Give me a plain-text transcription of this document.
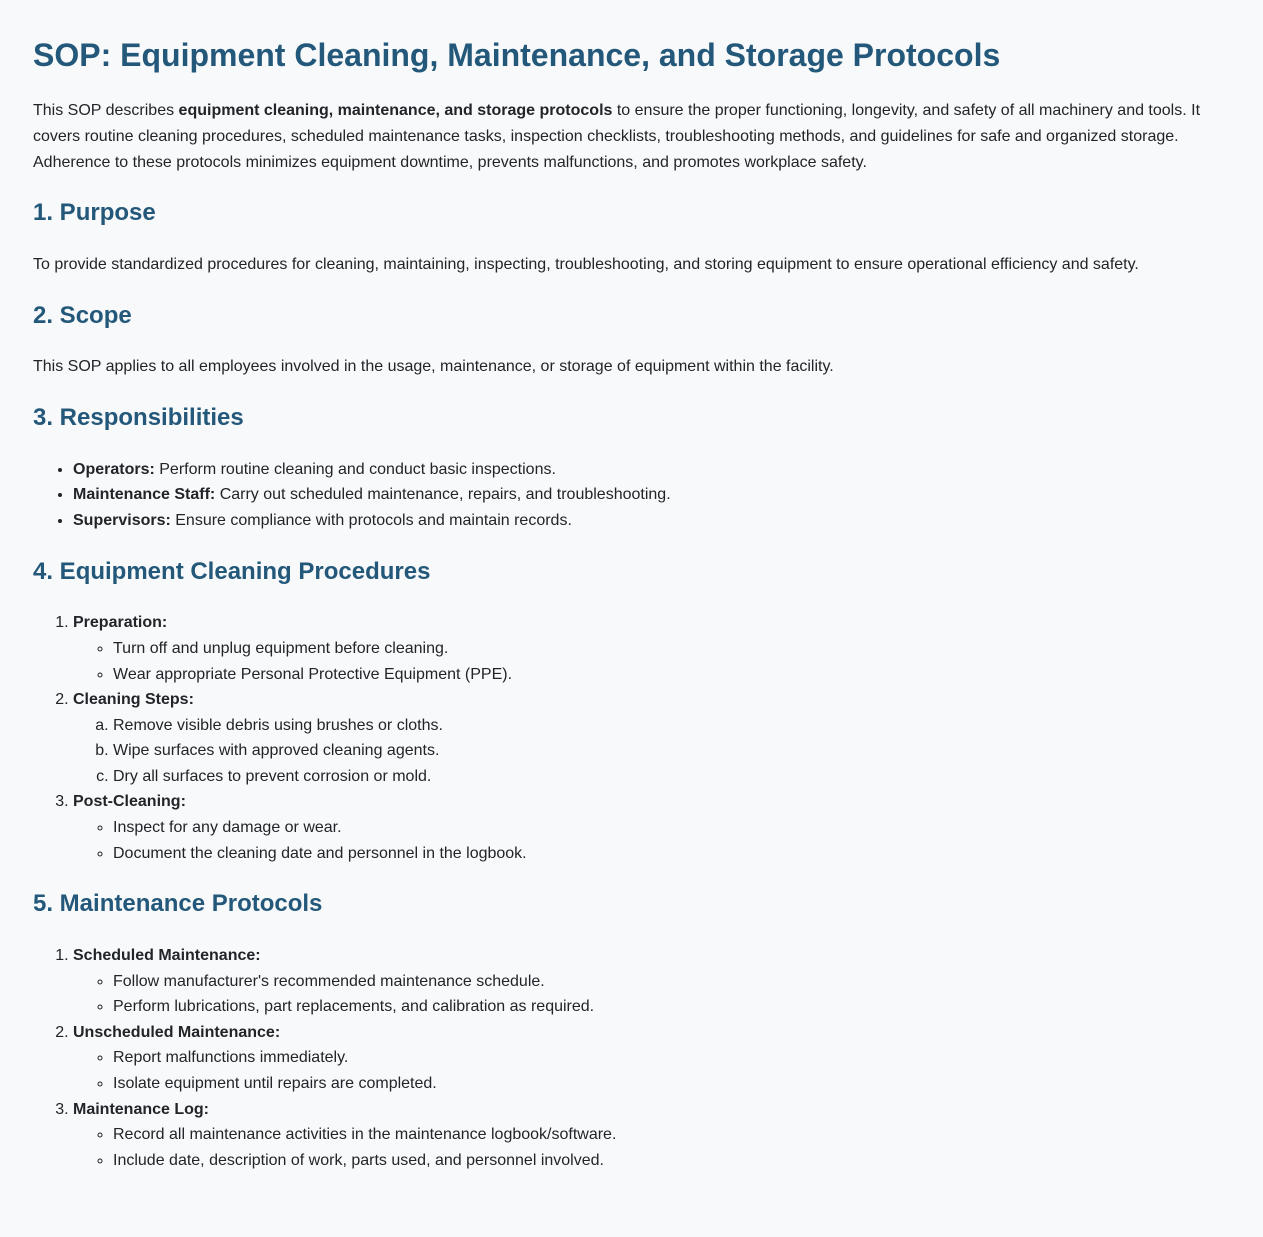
SOP: Equipment Cleaning, Maintenance, and Storage Protocols

This SOP describes equipment cleaning, maintenance, and storage protocols to ensure the proper functioning, longevity, and safety of all machinery and tools. It covers routine cleaning procedures, scheduled maintenance tasks, inspection checklists, troubleshooting methods, and guidelines for safe and organized storage. Adherence to these protocols minimizes equipment downtime, prevents malfunctions, and promotes workplace safety.

1. Purpose

To provide standardized procedures for cleaning, maintaining, inspecting, troubleshooting, and storing equipment to ensure operational efficiency and safety.

2. Scope

This SOP applies to all employees involved in the usage, maintenance, or storage of equipment within the facility.

3. Responsibilities
• Operators: Perform routine cleaning and conduct basic inspections.
• Maintenance Staff: Carry out scheduled maintenance, repairs, and troubleshooting.
• Supervisors: Ensure compliance with protocols and maintain records.
4. Equipment Cleaning Procedures
1. Preparation:
◦ Turn off and unplug equipment before cleaning.
◦ Wear appropriate Personal Protective Equipment (PPE).
2. Cleaning Steps:
a. Remove visible debris using brushes or cloths.
b. Wipe surfaces with approved cleaning agents.
c. Dry all surfaces to prevent corrosion or mold.
3. Post-Cleaning:
◦ Inspect for any damage or wear.
◦ Document the cleaning date and personnel in the logbook.
5. Maintenance Protocols
1. Scheduled Maintenance:
◦ Follow manufacturer's recommended maintenance schedule.
◦ Perform lubrications, part replacements, and calibration as required.
2. Unscheduled Maintenance:
◦ Report malfunctions immediately.
◦ Isolate equipment until repairs are completed.
3. Maintenance Log:
◦ Record all maintenance activities in the maintenance logbook/software.
◦ Include date, description of work, parts used, and personnel involved.
